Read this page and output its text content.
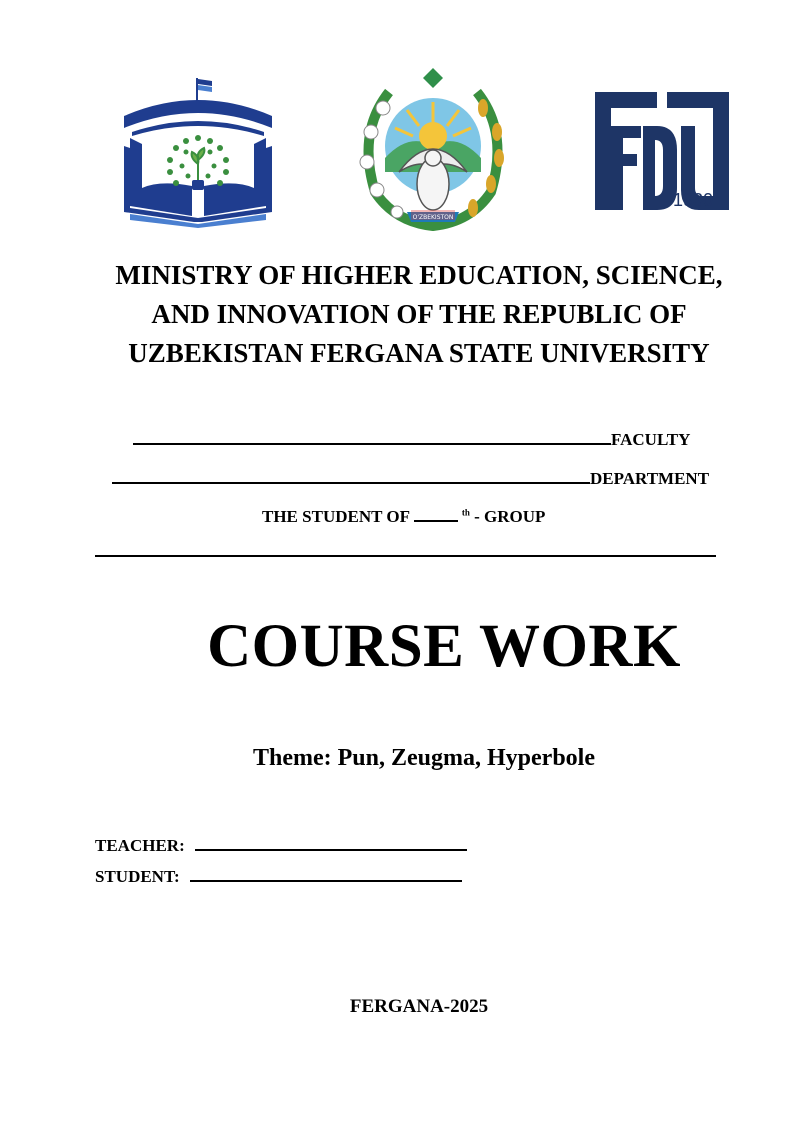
O'ZBEKISTON
1930
MINISTRY OF HIGHER EDUCATION, SCIENCE, AND INNOVATION OF THE REPUBLIC OF UZBEKISTAN FERGANA STATE UNIVERSITY
FACULTY
DEPARTMENT
THE STUDENT OF	$^{th}$ - GROUP
COURSE WORK
Theme: Pun, Zeugma, Hyperbole
TEACHER:
STUDENT:
FERGANA-2025
